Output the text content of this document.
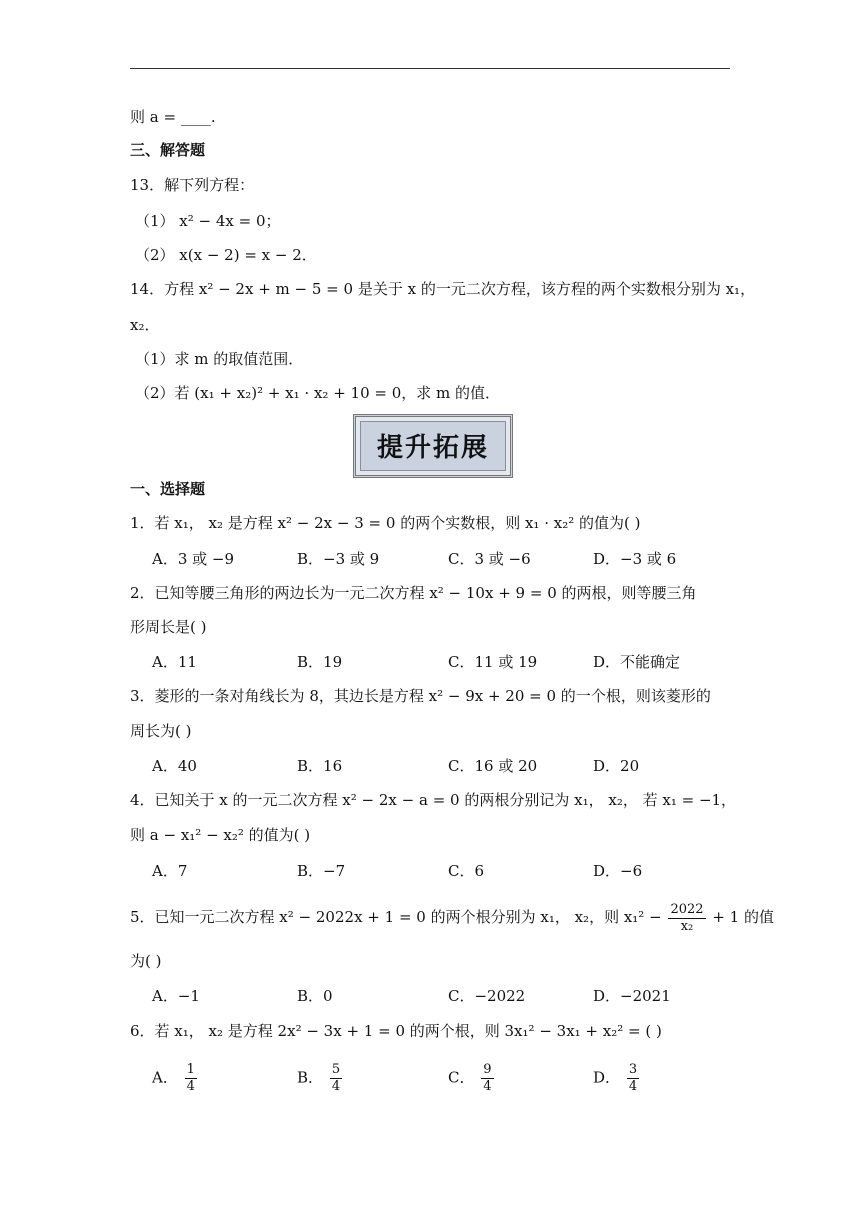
则 a = ____.
三、解答题
13．解下列方程：
（1） x² − 4x = 0；
（2） x(x − 2) = x − 2．
14．方程 x² − 2x + m − 5 = 0 是关于 x 的一元二次方程，该方程的两个实数根分别为 x₁，
x₂．
（1）求 m 的取值范围．
（2）若 (x₁ + x₂)² + x₁ · x₂ + 10 = 0，求 m 的值．
提升拓展
一、选择题
1．若 x₁， x₂ 是方程 x² − 2x − 3 = 0 的两个实数根，则 x₁ · x₂² 的值为( )
A．3 或 −9	B．−3 或 9	C．3 或 −6	D．−3 或 6
2．已知等腰三角形的两边长为一元二次方程 x² − 10x + 9 = 0 的两根，则等腰三角
形周长是( )
A．11	B．19	C．11 或 19	D．不能确定
3．菱形的一条对角线长为 8，其边长是方程 x² − 9x + 20 = 0 的一个根，则该菱形的
周长为( )
A．40	B．16	C．16 或 20	D．20
4．已知关于 x 的一元二次方程 x² − 2x − a = 0 的两根分别记为 x₁， x₂， 若 x₁ = −1，
则 a − x₁² − x₂² 的值为( )
A．7	B．−7	C．6	D．−6
5．已知一元二次方程 x² − 2022x + 1 = 0 的两个根分别为 x₁， x₂，则 $x_1^2 - \frac{2022}{\text{x₂}} + 1$ 的值
为( )
A．−1	B．0	C．−2022	D．−2021
6．若 x₁， x₂ 是方程 2x² − 3x + 1 = 0 的两个根，则 3x₁² − 3x₁ + x₂² = ( )
A． $\frac{1}{4}$	B． $\frac{5}{4}$	C． $\frac{9}{4}$	D． $\frac{3}{4}$
